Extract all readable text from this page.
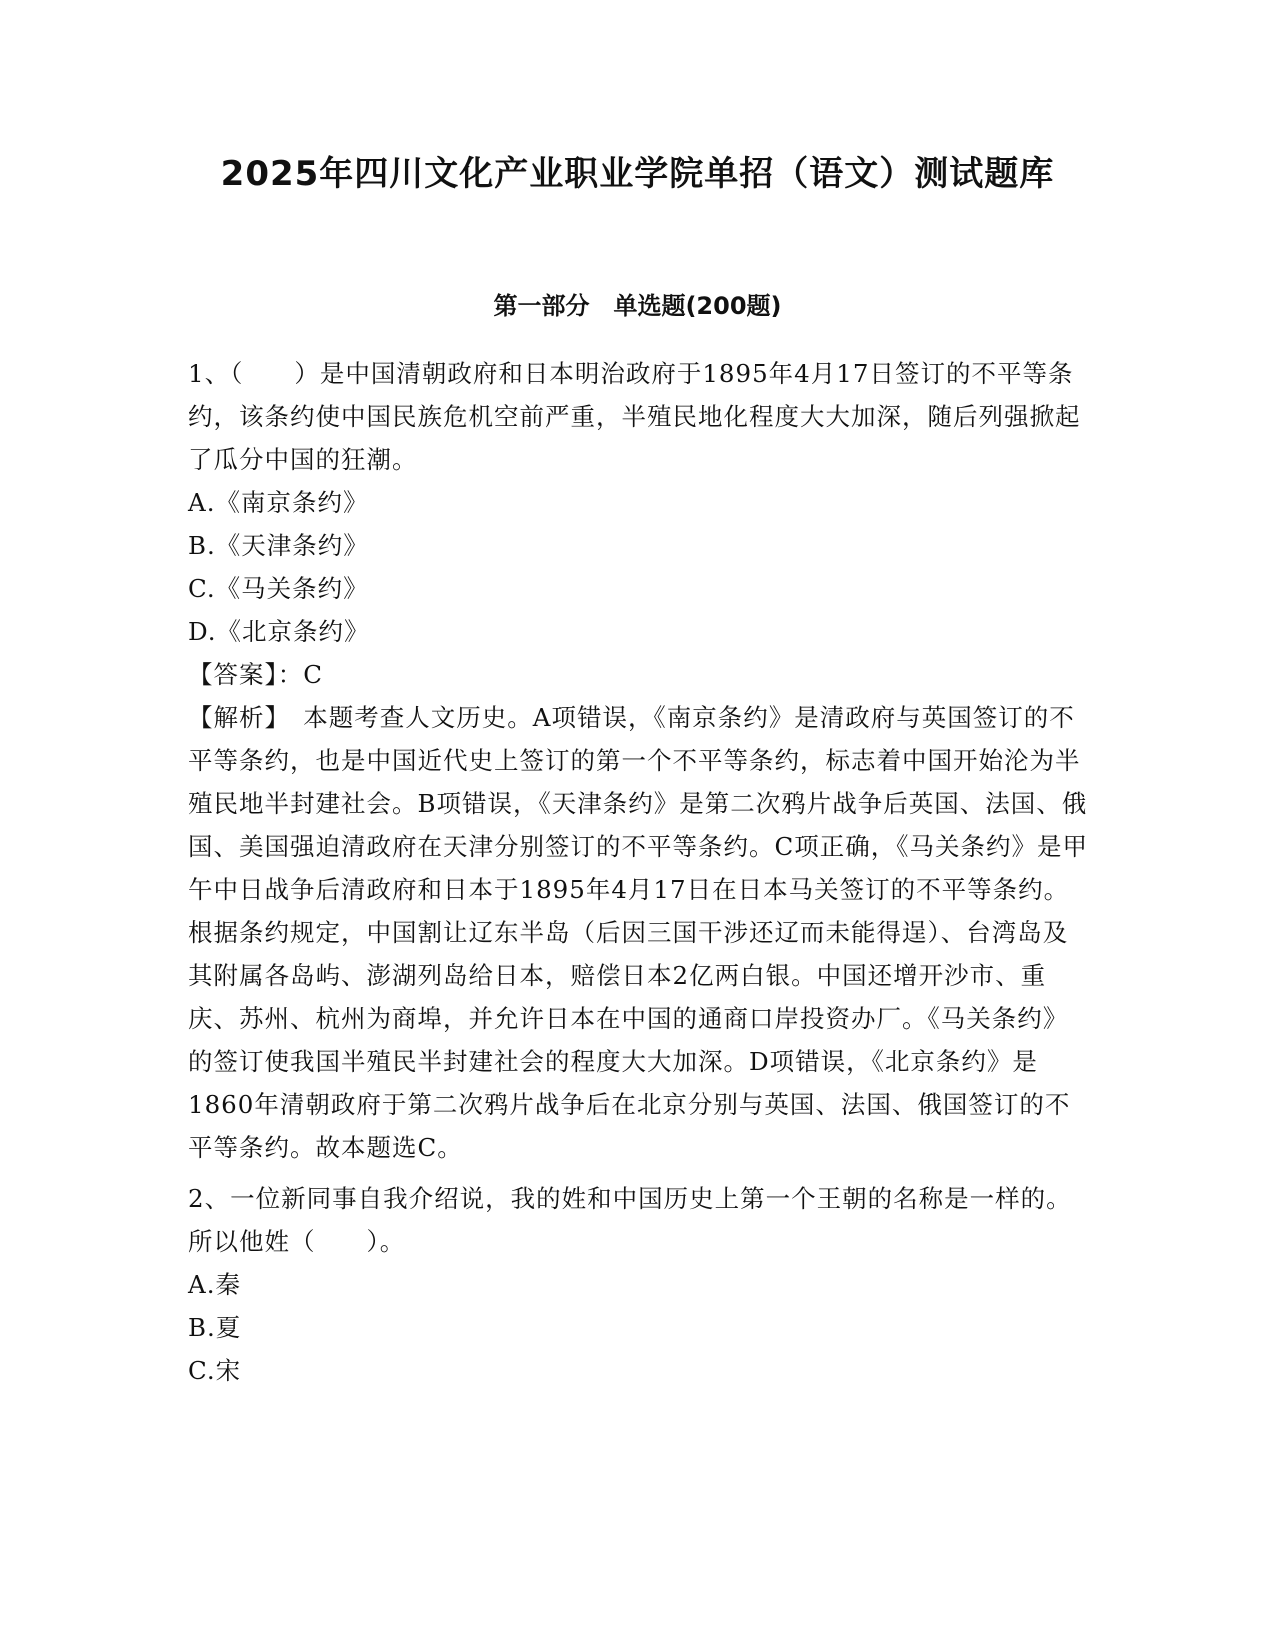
2025年四川文化产业职业学院单招（语文）测试题库
第一部分　单选题(200题)

1、（　　）是中国清朝政府和日本明治政府于1895年4月17日签订的不平等条约，该条约使中国民族危机空前严重，半殖民地化程度大大加深，随后列强掀起了瓜分中国的狂潮。

A.《南京条约》

B.《天津条约》

C.《马关条约》

D.《北京条约》

【答案】：C

【解析】　本题考查人文历史。A项错误，《南京条约》是清政府与英国签订的不平等条约，也是中国近代史上签订的第一个不平等条约，标志着中国开始沦为半殖民地半封建社会。B项错误，《天津条约》是第二次鸦片战争后英国、法国、俄国、美国强迫清政府在天津分别签订的不平等条约。C项正确，《马关条约》是甲午中日战争后清政府和日本于1895年4月17日在日本马关签订的不平等条约。根据条约规定，中国割让辽东半岛（后因三国干涉还辽而未能得逞）、台湾岛及其附属各岛屿、澎湖列岛给日本，赔偿日本2亿两白银。中国还增开沙市、重庆、苏州、杭州为商埠，并允许日本在中国的通商口岸投资办厂。《马关条约》的签订使我国半殖民半封建社会的程度大大加深。D项错误，《北京条约》是1860年清朝政府于第二次鸦片战争后在北京分别与英国、法国、俄国签订的不平等条约。故本题选C。

2、一位新同事自我介绍说，我的姓和中国历史上第一个王朝的名称是一样的。所以他姓（　　）。

A.秦

B.夏

C.宋
